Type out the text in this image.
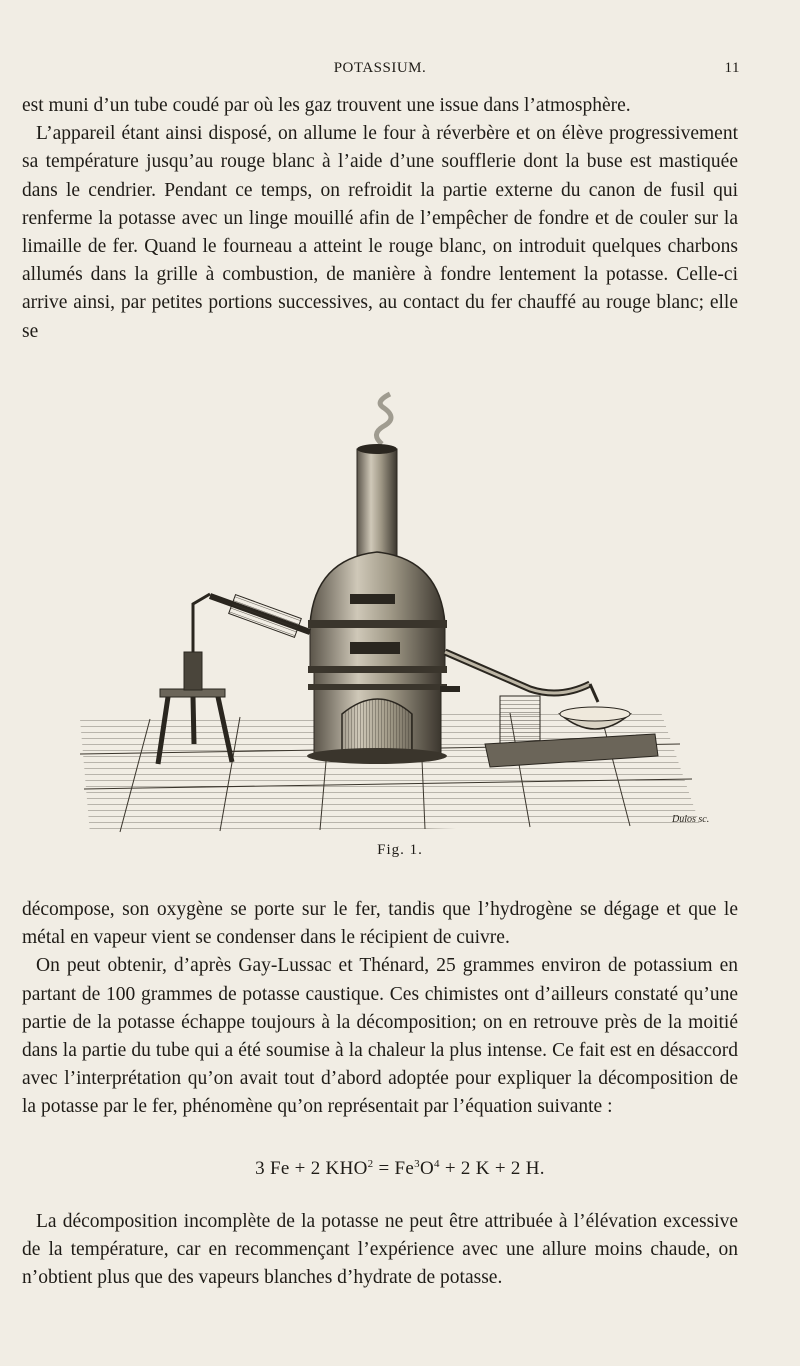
POTASSIUM.	11

est muni d’un tube coudé par où les gaz trouvent une issue dans l’atmosphère.

L’appareil étant ainsi disposé, on allume le four à réverbère et on élève progressivement sa température jusqu’au rouge blanc à l’aide d’une soufflerie dont la buse est mastiquée dans le cendrier. Pendant ce temps, on refroidit la partie externe du canon de fusil qui renferme la potasse avec un linge mouillé afin de l’empêcher de fondre et de couler sur la limaille de fer. Quand le fourneau a atteint le rouge blanc, on introduit quelques charbons allumés dans la grille à combustion, de manière à fondre lentement la potasse. Celle-ci arrive ainsi, par petites portions successives, au contact du fer chauffé au rouge blanc; elle se

Dulos sc.
Fig. 1.

décompose, son oxygène se porte sur le fer, tandis que l’hydrogène se dégage et que le métal en vapeur vient se condenser dans le récipient de cuivre.

On peut obtenir, d’après Gay-Lussac et Thénard, 25 grammes environ de potassium en partant de 100 grammes de potasse caustique. Ces chimistes ont d’ailleurs constaté qu’une partie de la potasse échappe toujours à la décomposition; on en retrouve près de la moitié dans la partie du tube qui a été soumise à la chaleur la plus intense. Ce fait est en désaccord avec l’interprétation qu’on avait tout d’abord adoptée pour expliquer la décomposition de la potasse par le fer, phénomène qu’on représentait par l’équation suivante :

3 Fe + 2 $KHO^2 = Fe^3O^4 + 2$ K + 2 H.

La décomposition incomplète de la potasse ne peut être attribuée à l’élévation excessive de la température, car en recommençant l’expérience avec une allure moins chaude, on n’obtient plus que des vapeurs blanches d’hydrate de potasse.
